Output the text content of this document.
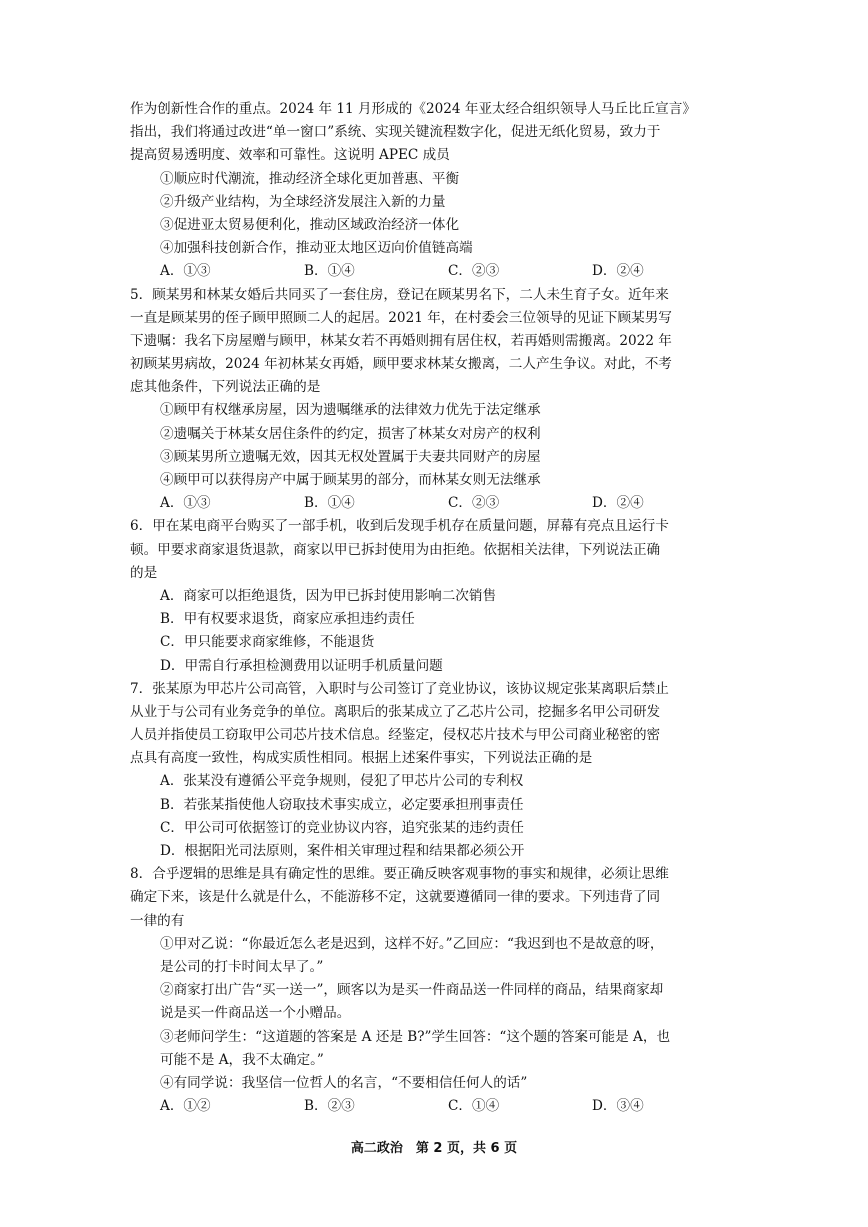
作为创新性合作的重点。2024 年 11 月形成的《2024 年亚太经合组织领导人马丘比丘宣言》
指出，我们将通过改进“单一窗口”系统、实现关键流程数字化，促进无纸化贸易，致力于
提高贸易透明度、效率和可靠性。这说明 APEC 成员
①顺应时代潮流，推动经济全球化更加普惠、平衡
②升级产业结构，为全球经济发展注入新的力量
③促进亚太贸易便利化，推动区域政治经济一体化
④加强科技创新合作，推动亚太地区迈向价值链高端
A．①③	B．①④	C．②③	D．②④
5．顾某男和林某女婚后共同买了一套住房，登记在顾某男名下，二人未生育子女。近年来
一直是顾某男的侄子顾甲照顾二人的起居。2021 年，在村委会三位领导的见证下顾某男写
下遗嘱：我名下房屋赠与顾甲，林某女若不再婚则拥有居住权，若再婚则需搬离。2022 年
初顾某男病故，2024 年初林某女再婚，顾甲要求林某女搬离，二人产生争议。对此，不考
虑其他条件，下列说法正确的是
①顾甲有权继承房屋，因为遗嘱继承的法律效力优先于法定继承
②遗嘱关于林某女居住条件的约定，损害了林某女对房产的权利
③顾某男所立遗嘱无效，因其无权处置属于夫妻共同财产的房屋
④顾甲可以获得房产中属于顾某男的部分，而林某女则无法继承
A．①③	B．①④	C．②③	D．②④
6．甲在某电商平台购买了一部手机，收到后发现手机存在质量问题，屏幕有亮点且运行卡
顿。甲要求商家退货退款，商家以甲已拆封使用为由拒绝。依据相关法律，下列说法正确
的是
A．商家可以拒绝退货，因为甲已拆封使用影响二次销售
B．甲有权要求退货，商家应承担违约责任
C．甲只能要求商家维修，不能退货
D．甲需自行承担检测费用以证明手机质量问题
7．张某原为甲芯片公司高管，入职时与公司签订了竞业协议，该协议规定张某离职后禁止
从业于与公司有业务竞争的单位。离职后的张某成立了乙芯片公司，挖掘多名甲公司研发
人员并指使员工窃取甲公司芯片技术信息。经鉴定，侵权芯片技术与甲公司商业秘密的密
点具有高度一致性，构成实质性相同。根据上述案件事实，下列说法正确的是
A．张某没有遵循公平竞争规则，侵犯了甲芯片公司的专利权
B．若张某指使他人窃取技术事实成立，必定要承担刑事责任
C．甲公司可依据签订的竞业协议内容，追究张某的违约责任
D．根据阳光司法原则，案件相关审理过程和结果都必须公开
8．合乎逻辑的思维是具有确定性的思维。要正确反映客观事物的事实和规律，必须让思维
确定下来，该是什么就是什么，不能游移不定，这就要遵循同一律的要求。下列违背了同
一律的有
①甲对乙说：“你最近怎么老是迟到，这样不好。”乙回应：“我迟到也不是故意的呀，
是公司的打卡时间太早了。”
②商家打出广告“买一送一”，顾客以为是买一件商品送一件同样的商品，结果商家却
说是买一件商品送一个小赠品。
③老师问学生：“这道题的答案是 A 还是 B?”学生回答：“这个题的答案可能是 A，也
可能不是 A，我不太确定。”
④有同学说：我坚信一位哲人的名言，“不要相信任何人的话”
A．①②	B．②③	C．①④	D．③④
高二政治　第 2 页，共 6 页
